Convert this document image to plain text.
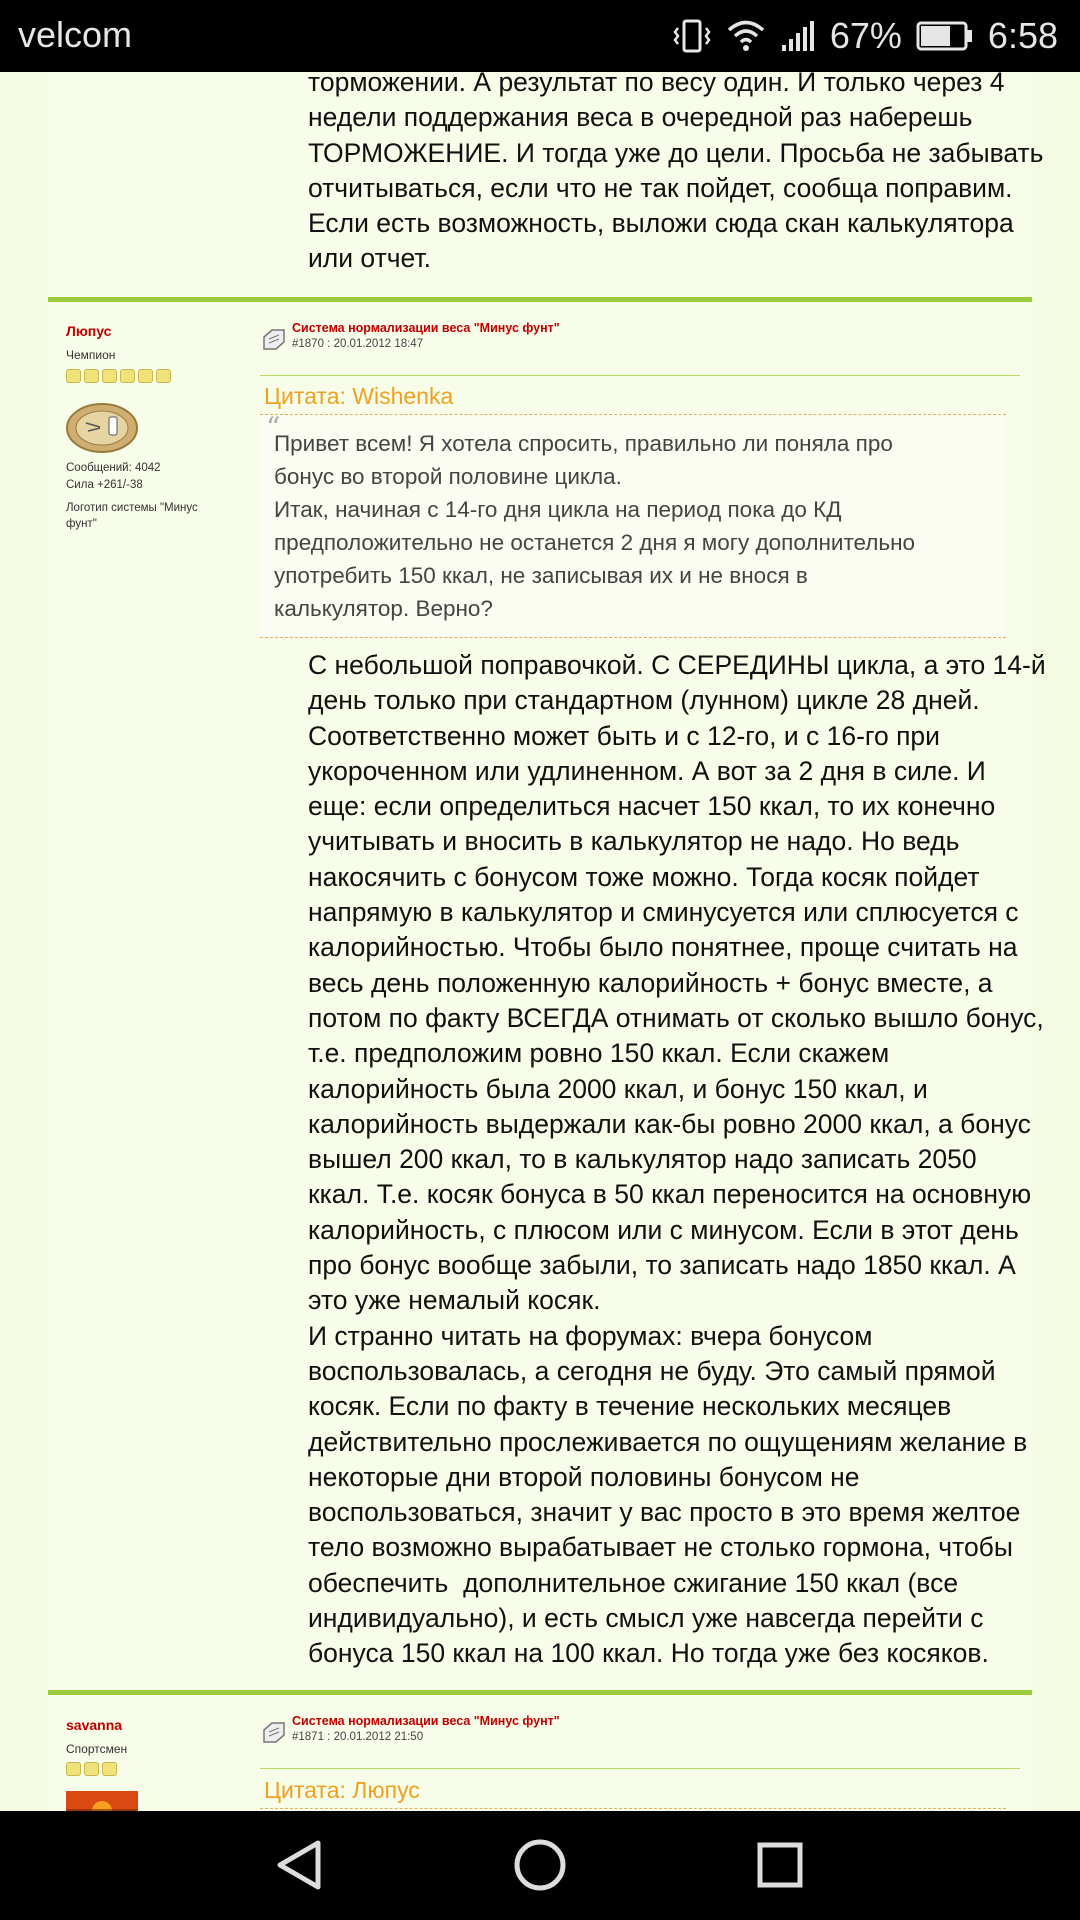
velcom	67% 6:58

торможении. А результат по весу один. И только через 4

недели поддержания веса в очередной раз наберешь

ТОРМОЖЕНИЕ. И тогда уже до цели. Просьба не забывать

отчитываться, если что не так пойдет, сообща поправим.

Если есть возможность, выложи сюда скан калькулятора

или отчет.

Люпус
Чемпион
Сообщений: 4042
Сила +261/-38
Логотип системы "Минус фунт"
Система нормализации веса "Минус фунт"
#1870 : 20.01.2012 18:47
Цитата: Wishenka
“

Привет всем! Я хотела спросить, правильно ли поняла про

бонус во второй половине цикла.

Итак, начиная с 14-го дня цикла на период пока до КД

предположительно не останется 2 дня я могу дополнительно

употребить 150 ккал, не записывая их и не внося в

калькулятор. Верно?

С небольшой поправочкой. С СЕРЕДИНЫ цикла, а это 14-й

день только при стандартном (лунном) цикле 28 дней.

Соответственно может быть и с 12-го, и с 16-го при

укороченном или удлиненном. А вот за 2 дня в силе. И

еще: если определиться насчет 150 ккал, то их конечно

учитывать и вносить в калькулятор не надо. Но ведь

накосячить с бонусом тоже можно. Тогда косяк пойдет

напрямую в калькулятор и сминусуется или сплюсуется с

калорийностью. Чтобы было понятнее, проще считать на

весь день положенную калорийность + бонус вместе, а

потом по факту ВСЕГДА отнимать от сколько вышло бонус,

т.е. предположим ровно 150 ккал. Если скажем

калорийность была 2000 ккал, и бонус 150 ккал, и

калорийность выдержали как-бы ровно 2000 ккал, а бонус

вышел 200 ккал, то в калькулятор надо записать 2050

ккал. Т.е. косяк бонуса в 50 ккал переносится на основную

калорийность, с плюсом или с минусом. Если в этот день

про бонус вообще забыли, то записать надо 1850 ккал. А

это уже немалый косяк.

И странно читать на форумах: вчера бонусом

воспользовалась, а сегодня не буду. Это самый прямой

косяк. Если по факту в течение нескольких месяцев

действительно прослеживается по ощущениям желание в

некоторые дни второй половины бонусом не

воспользоваться, значит у вас просто в это время желтое

тело возможно вырабатывает не столько гормона, чтобы

обеспечить  дополнительное сжигание 150 ккал (все

индивидуально), и есть смысл уже навсегда перейти с

бонуса 150 ккал на 100 ккал. Но тогда уже без косяков.

savanna
Спортсмен
Система нормализации веса "Минус фунт"
#1871 : 20.01.2012 21:50
Цитата: Люпус
